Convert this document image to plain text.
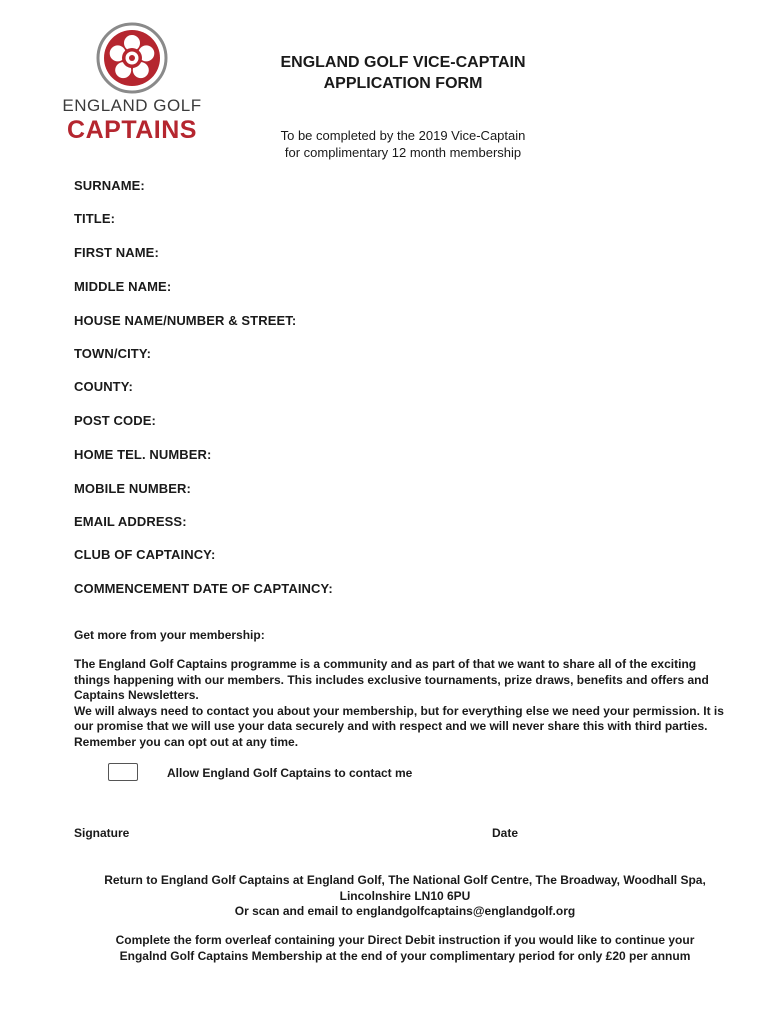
ENGLAND GOLF
CAPTAINS
ENGLAND GOLF VICE-CAPTAIN
APPLICATION FORM
To be completed by the 2019 Vice-Captain
for complimentary 12 month membership
SURNAME:
TITLE:
FIRST NAME:
MIDDLE NAME:
HOUSE NAME/NUMBER & STREET:
TOWN/CITY:
COUNTY:
POST CODE:
HOME TEL. NUMBER:
MOBILE NUMBER:
EMAIL ADDRESS:
CLUB OF CAPTAINCY:
COMMENCEMENT DATE OF CAPTAINCY:
Get more from your membership:

The England Golf Captains programme is a community and as part of that we want to share all of the exciting things happening with our members. This includes exclusive tournaments, prize draws, benefits and offers and Captains Newsletters.

We will always need to contact you about your membership, but for everything else we need your permission. It is our promise that we will use your data securely and with respect and we will never share this with third parties. Remember you can opt out at any time.

Allow England Golf Captains to contact me
Signature	Date
Return to England Golf Captains at England Golf, The National Golf Centre, The Broadway, Woodhall Spa,
Lincolnshire LN10 6PU
Or scan and email to englandgolfcaptains@englandgolf.org
Complete the form overleaf containing your Direct Debit instruction if you would like to continue your
Engalnd Golf Captains Membership at the end of your complimentary period for only £20 per annum
